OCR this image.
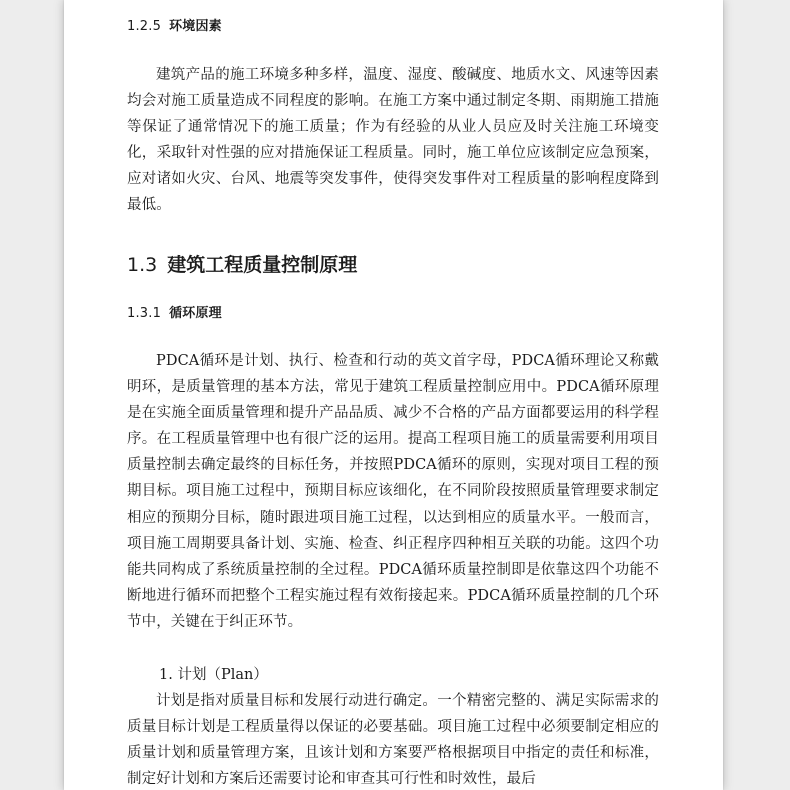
1.2.5 环境因素

建筑产品的施工环境多种多样，温度、湿度、酸碱度、地质水文、风速等因素均会对施工质量造成不同程度的影响。在施工方案中通过制定冬期、雨期施工措施等保证了通常情况下的施工质量；作为有经验的从业人员应及时关注施工环境变化，采取针对性强的应对措施保证工程质量。同时，施工单位应该制定应急预案，应对诸如火灾、台风、地震等突发事件，使得突发事件对工程质量的影响程度降到最低。

1.3 建筑工程质量控制原理
1.3.1 循环原理

PDCA循环是计划、执行、检查和行动的英文首字母，PDCA循环理论又称戴明环，是质量管理的基本方法，常见于建筑工程质量控制应用中。PDCA循环原理是在实施全面质量管理和提升产品品质、减少不合格的产品方面都要运用的科学程序。在工程质量管理中也有很广泛的运用。提高工程项目施工的质量需要利用项目质量控制去确定最终的目标任务，并按照PDCA循环的原则，实现对项目工程的预期目标。项目施工过程中，预期目标应该细化，在不同阶段按照质量管理要求制定相应的预期分目标，随时跟进项目施工过程，以达到相应的质量水平。一般而言，项目施工周期要具备计划、实施、检查、纠正程序四种相互关联的功能。这四个功能共同构成了系统质量控制的全过程。PDCA循环质量控制即是依靠这四个功能不断地进行循环而把整个工程实施过程有效衔接起来。PDCA循环质量控制的几个环节中，关键在于纠正环节。

1. 计划（Plan）

计划是指对质量目标和发展行动进行确定。一个精密完整的、满足实际需求的质量目标计划是工程质量得以保证的必要基础。项目施工过程中必须要制定相应的质量计划和质量管理方案，且该计划和方案要严格根据项目中指定的责任和标准，制定好计划和方案后还需要讨论和审查其可行性和时效性，最后
